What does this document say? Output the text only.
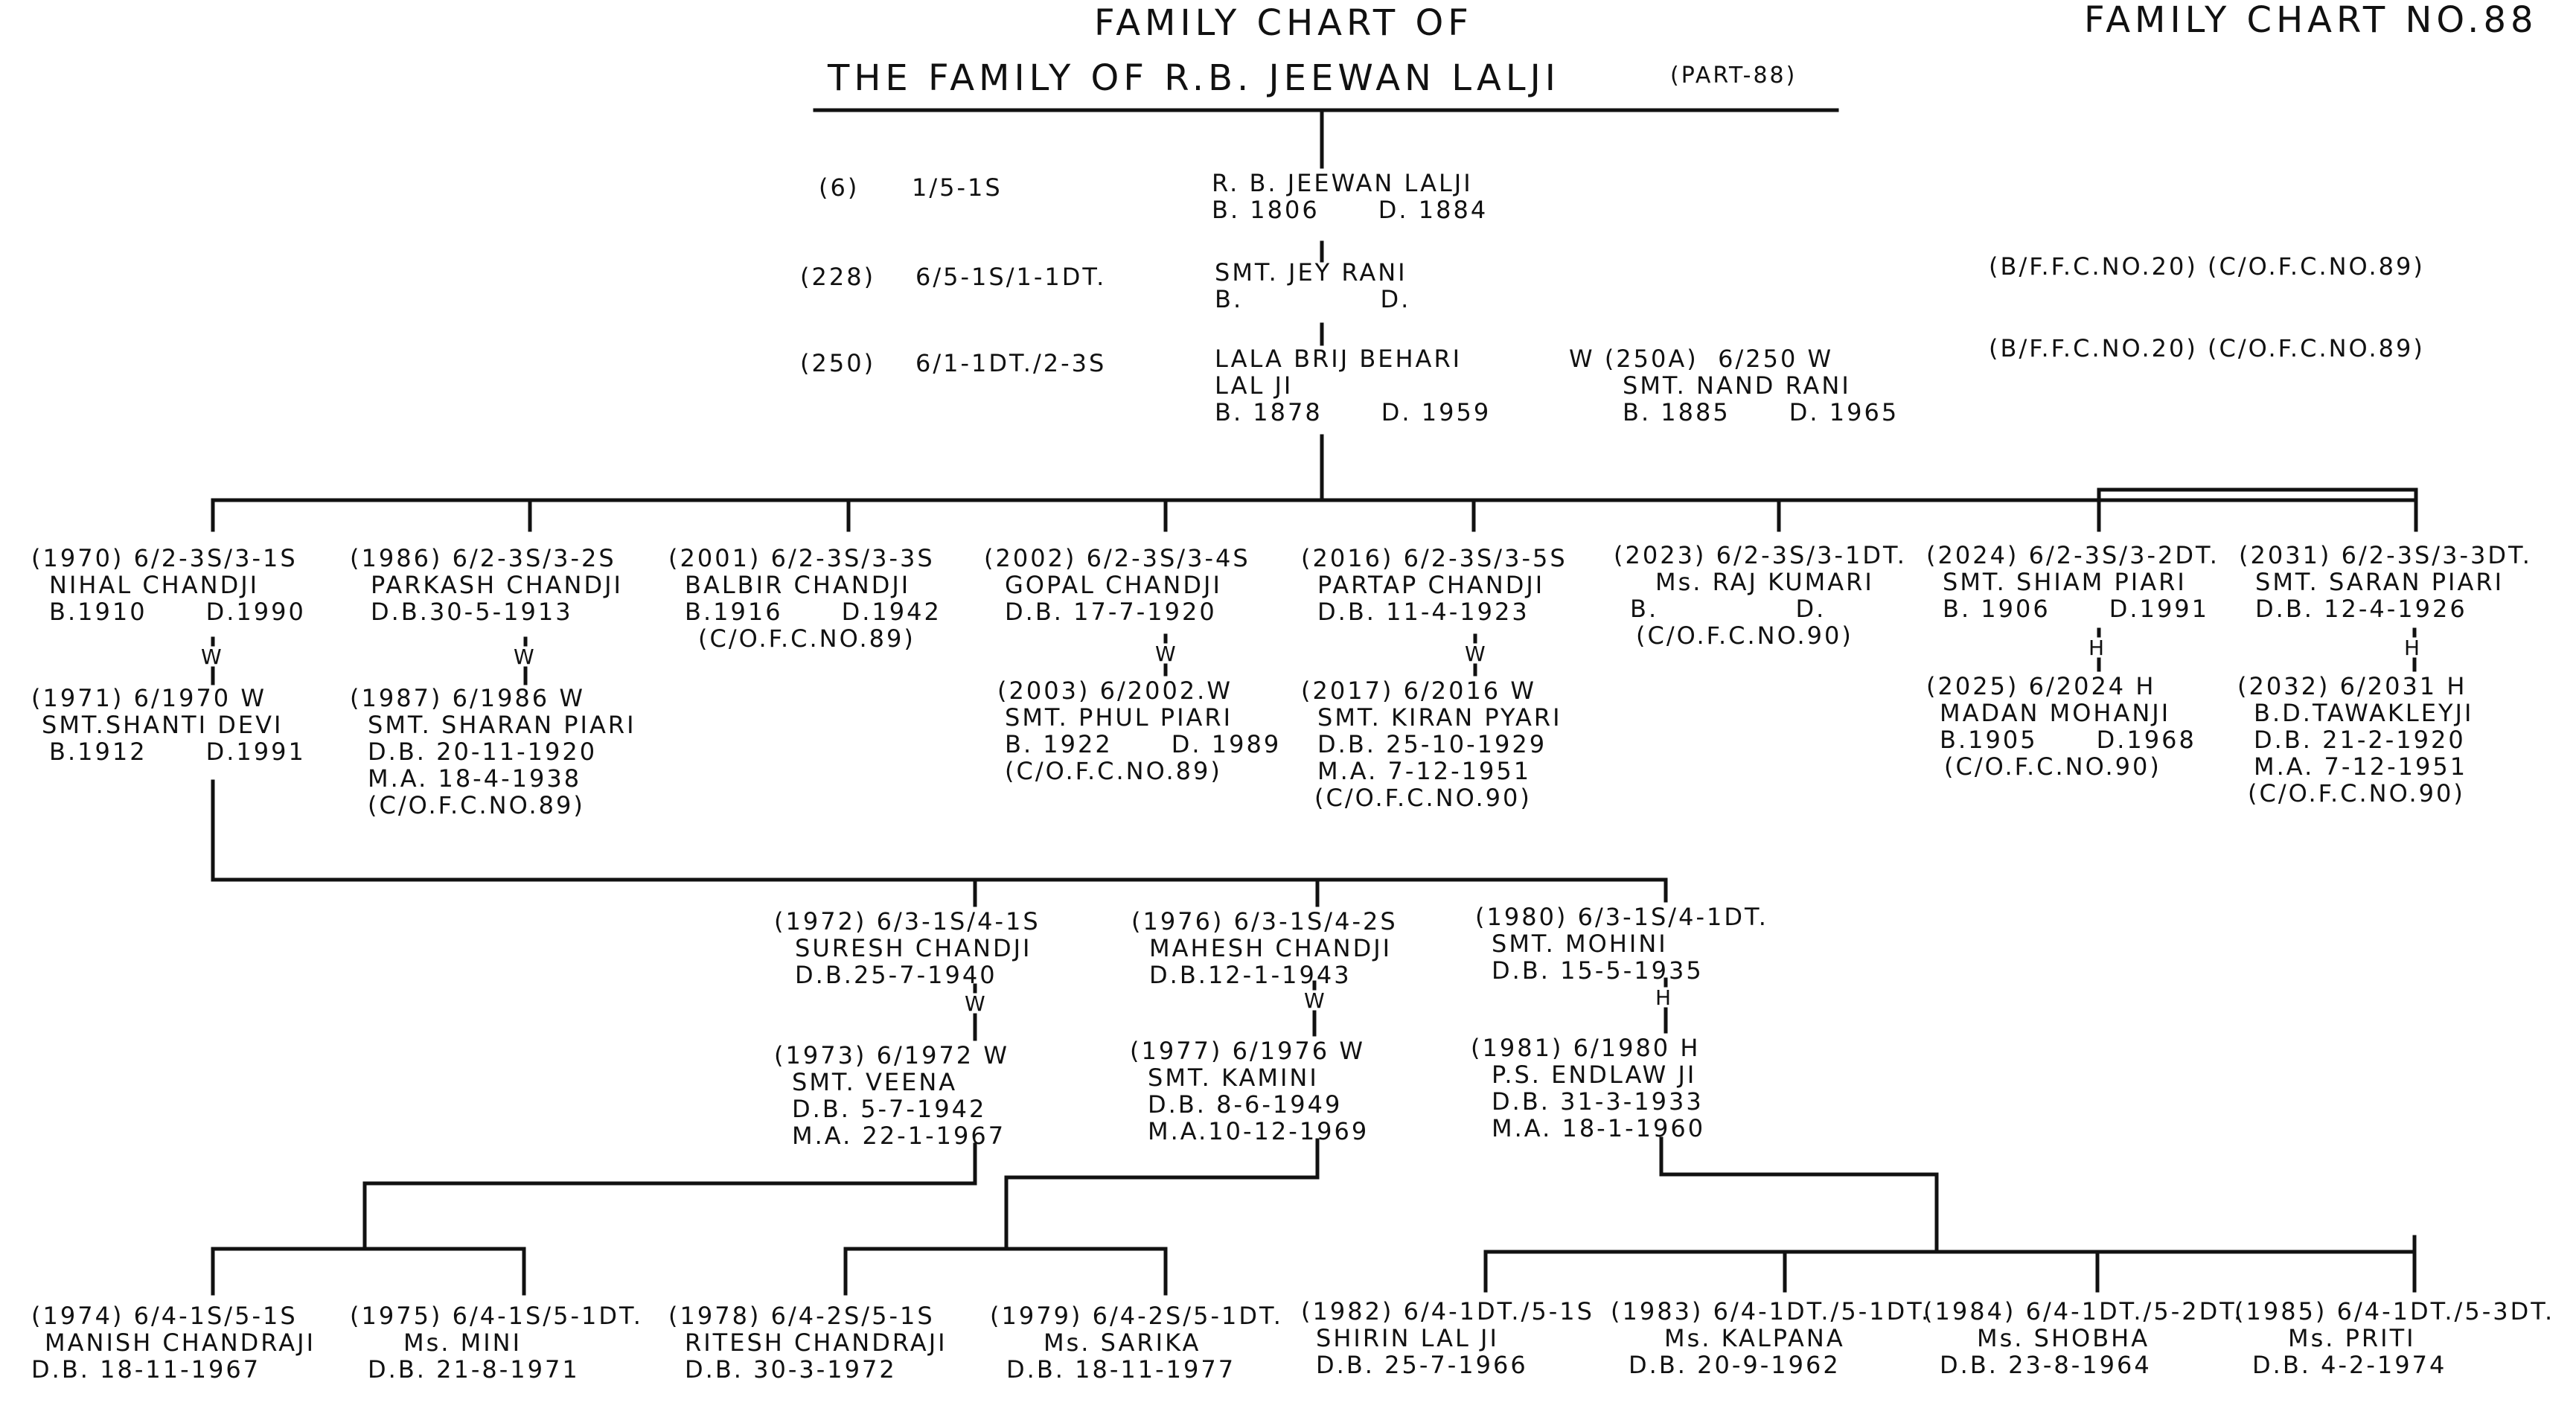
FAMILY CHART OF
THE FAMILY OF R.B. JEEWAN LALJI	(PART-88)
FAMILY CHART NO.88
(6) 1/5-1S	R. B. JEEWAN LALJI
B. 1806      D. 1884
(228) 6/5-1S/1-1DT.	SMT. JEY RANI
B.              D.
(B/F.F.C.NO.20) (C/O.F.C.NO.89)
(250) 6/1-1DT./2-3S	LALA BRIJ BEHARI
LAL JI
B. 1878      D. 1959
(B/F.F.C.NO.20) (C/O.F.C.NO.89)
W (250A)  6/250 W
SMT. NAND RANI
B. 1885      D. 1965
(1970) 6/2-3S/3-1S
NIHAL CHANDJI
B.1910      D.1990
W
(1986) 6/2-3S/3-2S
PARKASH CHANDJI
D.B.30-5-1913
W
(2001) 6/2-3S/3-3S
BALBIR CHANDJI
B.1916      D.1942
(C/O.F.C.NO.89)
(2002) 6/2-3S/3-4S
GOPAL CHANDJI
D.B. 17-7-1920
W
(2016) 6/2-3S/3-5S
PARTAP CHANDJI
D.B. 11-4-1923
W
(2023) 6/2-3S/3-1DT.
Ms. RAJ KUMARI
B.              D.
(C/O.F.C.NO.90)
(2024) 6/2-3S/3-2DT.
SMT. SHIAM PIARI
B. 1906      D.1991
H
(2031) 6/2-3S/3-3DT.
SMT. SARAN PIARI
D.B. 12-4-1926
H
(1971) 6/1970 W
SMT.SHANTI DEVI
B.1912      D.1991
(1987) 6/1986 W
SMT. SHARAN PIARI
D.B. 20-11-1920
M.A. 18-4-1938
(C/O.F.C.NO.89)
(2003) 6/2002.W
SMT. PHUL PIARI
B. 1922      D. 1989
(C/O.F.C.NO.89)
(2017) 6/2016 W
SMT. KIRAN PYARI
D.B. 25-10-1929
M.A. 7-12-1951
(C/O.F.C.NO.90)
(2025) 6/2024 H
MADAN MOHANJI
B.1905      D.1968
(C/O.F.C.NO.90)
(2032) 6/2031 H
B.D.TAWAKLEYJI
D.B. 21-2-1920
M.A. 7-12-1951
(C/O.F.C.NO.90)
(1972) 6/3-1S/4-1S
SURESH CHANDJI
D.B.25-7-1940
W
(1976) 6/3-1S/4-2S
MAHESH CHANDJI
D.B.12-1-1943
W
(1980) 6/3-1S/4-1DT.
SMT. MOHINI
D.B. 15-5-1935
H
(1973) 6/1972 W
SMT. VEENA
D.B. 5-7-1942
M.A. 22-1-1967
(1977) 6/1976 W
SMT. KAMINI
D.B. 8-6-1949
M.A.10-12-1969
(1981) 6/1980 H
P.S. ENDLAW JI
D.B. 31-3-1933
M.A. 18-1-1960
(1974) 6/4-1S/5-1S
MANISH CHANDRAJI
D.B. 18-11-1967
(1975) 6/4-1S/5-1DT.
Ms. MINI
D.B. 21-8-1971
(1978) 6/4-2S/5-1S
RITESH CHANDRAJI
D.B. 30-3-1972
(1979) 6/4-2S/5-1DT.
Ms. SARIKA
D.B. 18-11-1977
(1982) 6/4-1DT./5-1S
SHIRIN LAL JI
D.B. 25-7-1966
(1983) 6/4-1DT./5-1DT.
Ms. KALPANA
D.B. 20-9-1962
(1984) 6/4-1DT./5-2DT.
Ms. SHOBHA
D.B. 23-8-1964
(1985) 6/4-1DT./5-3DT.
Ms. PRITI
D.B. 4-2-1974
